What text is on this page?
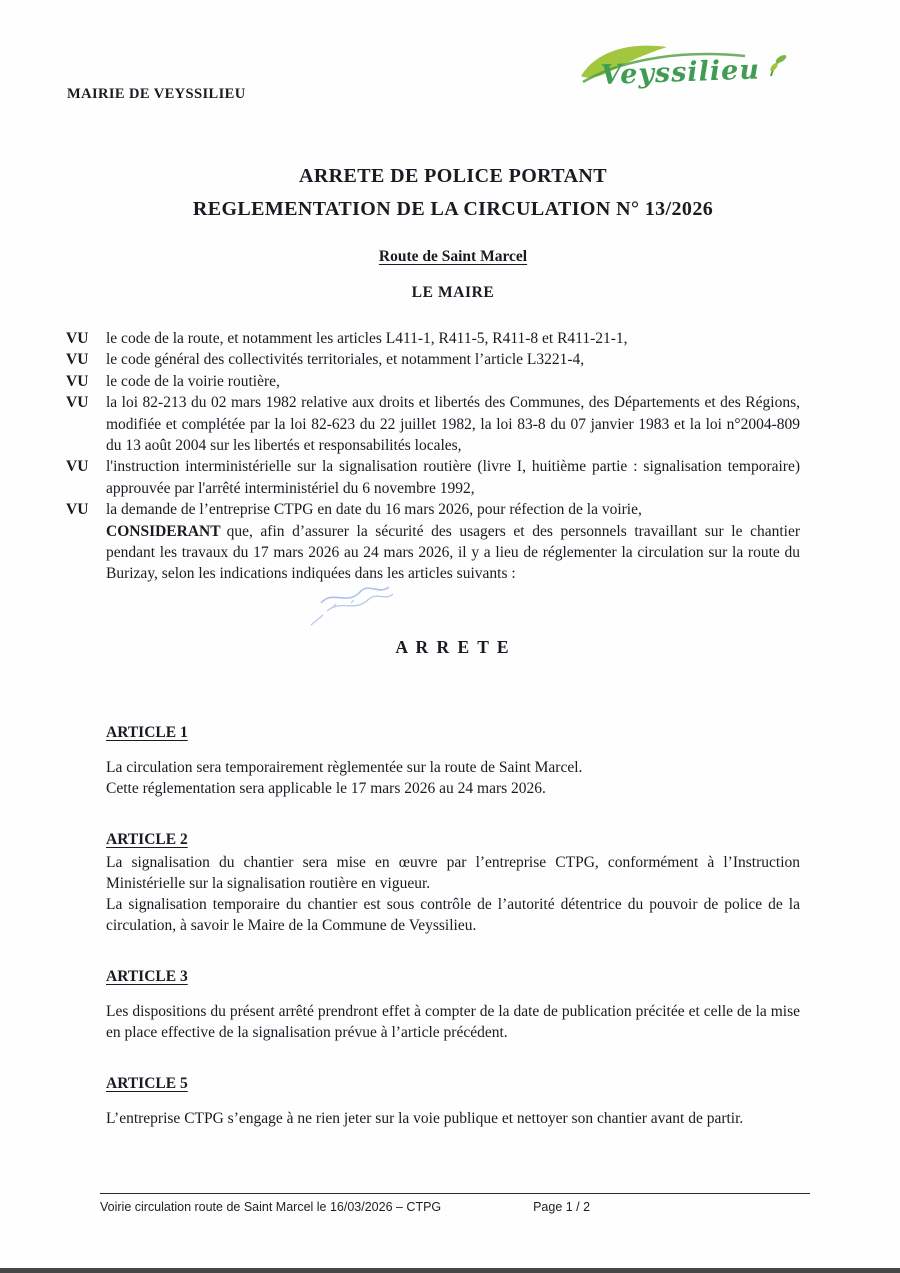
MAIRIE DE VEYSSILIEU
Veyssilieu
ARRETE DE POLICE PORTANT
REGLEMENTATION DE LA CIRCULATION N° 13/2026
Route de Saint Marcel
LE MAIRE
VU	le code de la route, et notamment les articles L411-1, R411-5, R411-8 et R411-21-1,
VU	le code général des collectivités territoriales, et notamment l’article L3221-4,
VU	le code de la voirie routière,
VU	la loi 82-213 du 02 mars 1982 relative aux droits et libertés des Communes, des Départements et des Régions, modifiée et complétée par la loi 82-623 du 22 juillet 1982, la loi 83-8 du 07 janvier 1983 et la loi n°2004-809 du 13 août 2004 sur les libertés et responsabilités locales,
VU	l'instruction interministérielle sur la signalisation routière (livre I, huitième partie : signalisation temporaire) approuvée par l'arrêté interministériel du 6 novembre 1992,
VU	la demande de l’entreprise CTPG en date du 16 mars 2026, pour réfection de la voirie,
CONSIDERANT que, afin d’assurer la sécurité des usagers et des personnels travaillant sur le chantier pendant les travaux du 17 mars 2026 au 24 mars 2026, il y a lieu de réglementer la circulation sur la route du Burizay, selon les indications indiquées dans les articles suivants :
A R R E T E
ARTICLE 1
La circulation sera temporairement règlementée sur la route de Saint Marcel.
Cette réglementation sera applicable le 17 mars 2026 au 24 mars 2026.
ARTICLE 2
La signalisation du chantier sera mise en œuvre par l’entreprise CTPG, conformément à l’Instruction Ministérielle sur la signalisation routière en vigueur.
La signalisation temporaire du chantier est sous contrôle de l’autorité détentrice du pouvoir de police de la circulation, à savoir le Maire de la Commune de Veyssilieu.
ARTICLE 3
Les dispositions du présent arrêté prendront effet à compter de la date de publication précitée et celle de la mise en place effective de la signalisation prévue à l’article précédent.
ARTICLE 5
L’entreprise CTPG s’engage à ne rien jeter sur la voie publique et nettoyer son chantier avant de partir.
Voirie circulation route de Saint Marcel le 16/03/2026 – CTPG	Page 1 / 2
